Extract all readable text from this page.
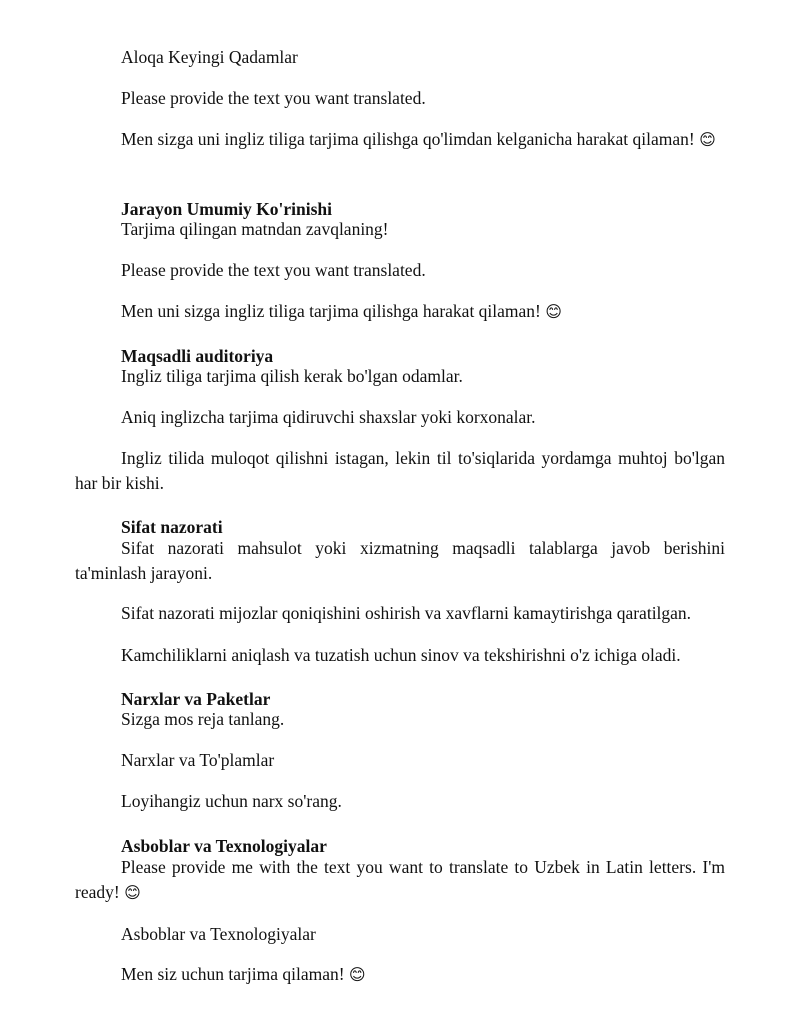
Aloqa Keyingi Qadamlar

Please provide the text you want translated.

Men sizga uni ingliz tiliga tarjima qilishga qo'limdan kelganicha harakat qilaman! 😊

Jarayon Umumiy Ko'rinishi

Tarjima qilingan matndan zavqlaning!

Please provide the text you want translated.

Men uni sizga ingliz tiliga tarjima qilishga harakat qilaman! 😊

Maqsadli auditoriya

Ingliz tiliga tarjima qilish kerak bo'lgan odamlar.

Aniq inglizcha tarjima qidiruvchi shaxslar yoki korxonalar.

Ingliz tilida muloqot qilishni istagan, lekin til to'siqlarida yordamga muhtoj bo'lgan har bir kishi.

Sifat nazorati

Sifat nazorati mahsulot yoki xizmatning maqsadli talablarga javob berishini ta'minlash jarayoni.

Sifat nazorati mijozlar qoniqishini oshirish va xavflarni kamaytirishga qaratilgan.

Kamchiliklarni aniqlash va tuzatish uchun sinov va tekshirishni o'z ichiga oladi.

Narxlar va Paketlar

Sizga mos reja tanlang.

Narxlar va To'plamlar

Loyihangiz uchun narx so'rang.

Asboblar va Texnologiyalar

Please provide me with the text you want to translate to Uzbek in Latin letters. I'm ready! 😊

Asboblar va Texnologiyalar

Men siz uchun tarjima qilaman! 😊
